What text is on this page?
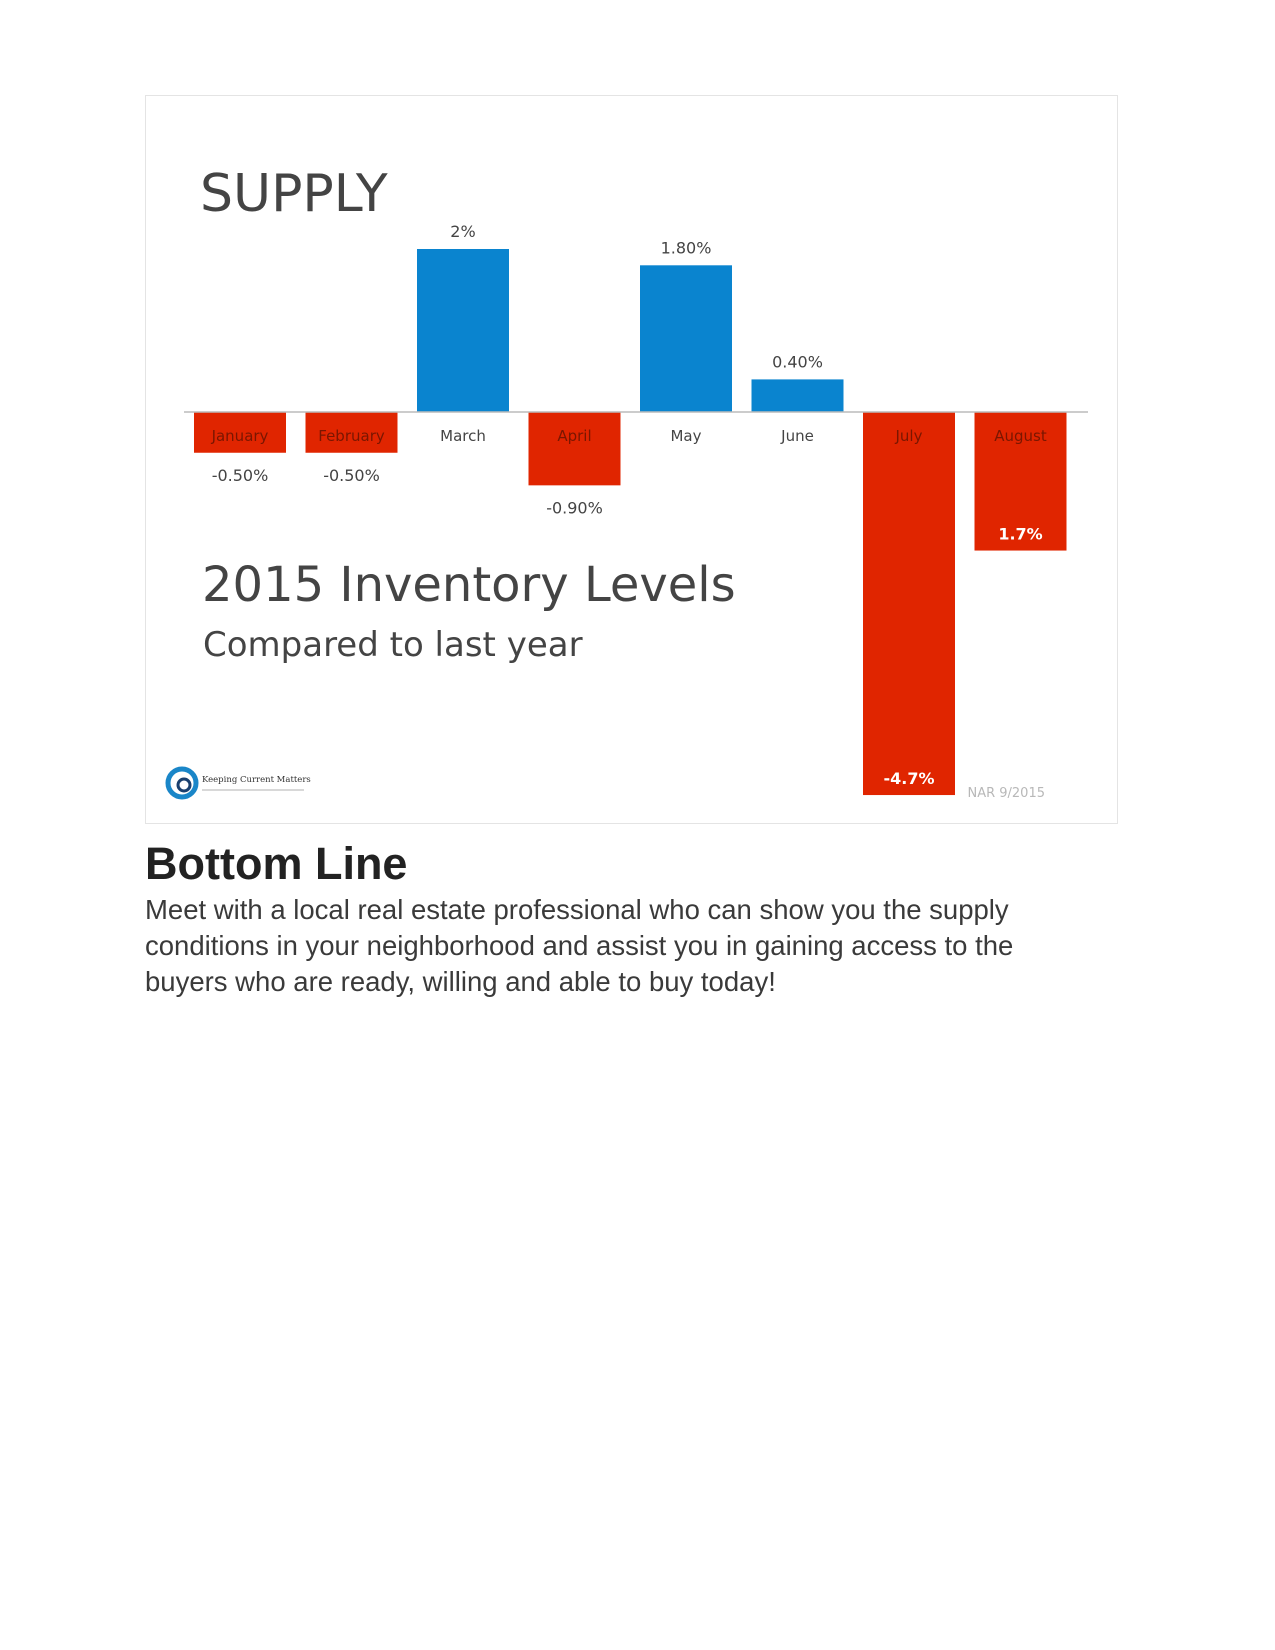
SUPPLY
January
-0.50%
February
-0.50%
March
2%
April
-0.90%
May
1.80%
June
0.40%
July
-4.7%
August
1.7%
2015 Inventory Levels
Compared to last year
Keeping Current Matters
NAR 9/2015
Bottom Line

Meet with a local real estate professional who can show you the supply conditions in your neighborhood and assist you in gaining access to the buyers who are ready, willing and able to buy today!
